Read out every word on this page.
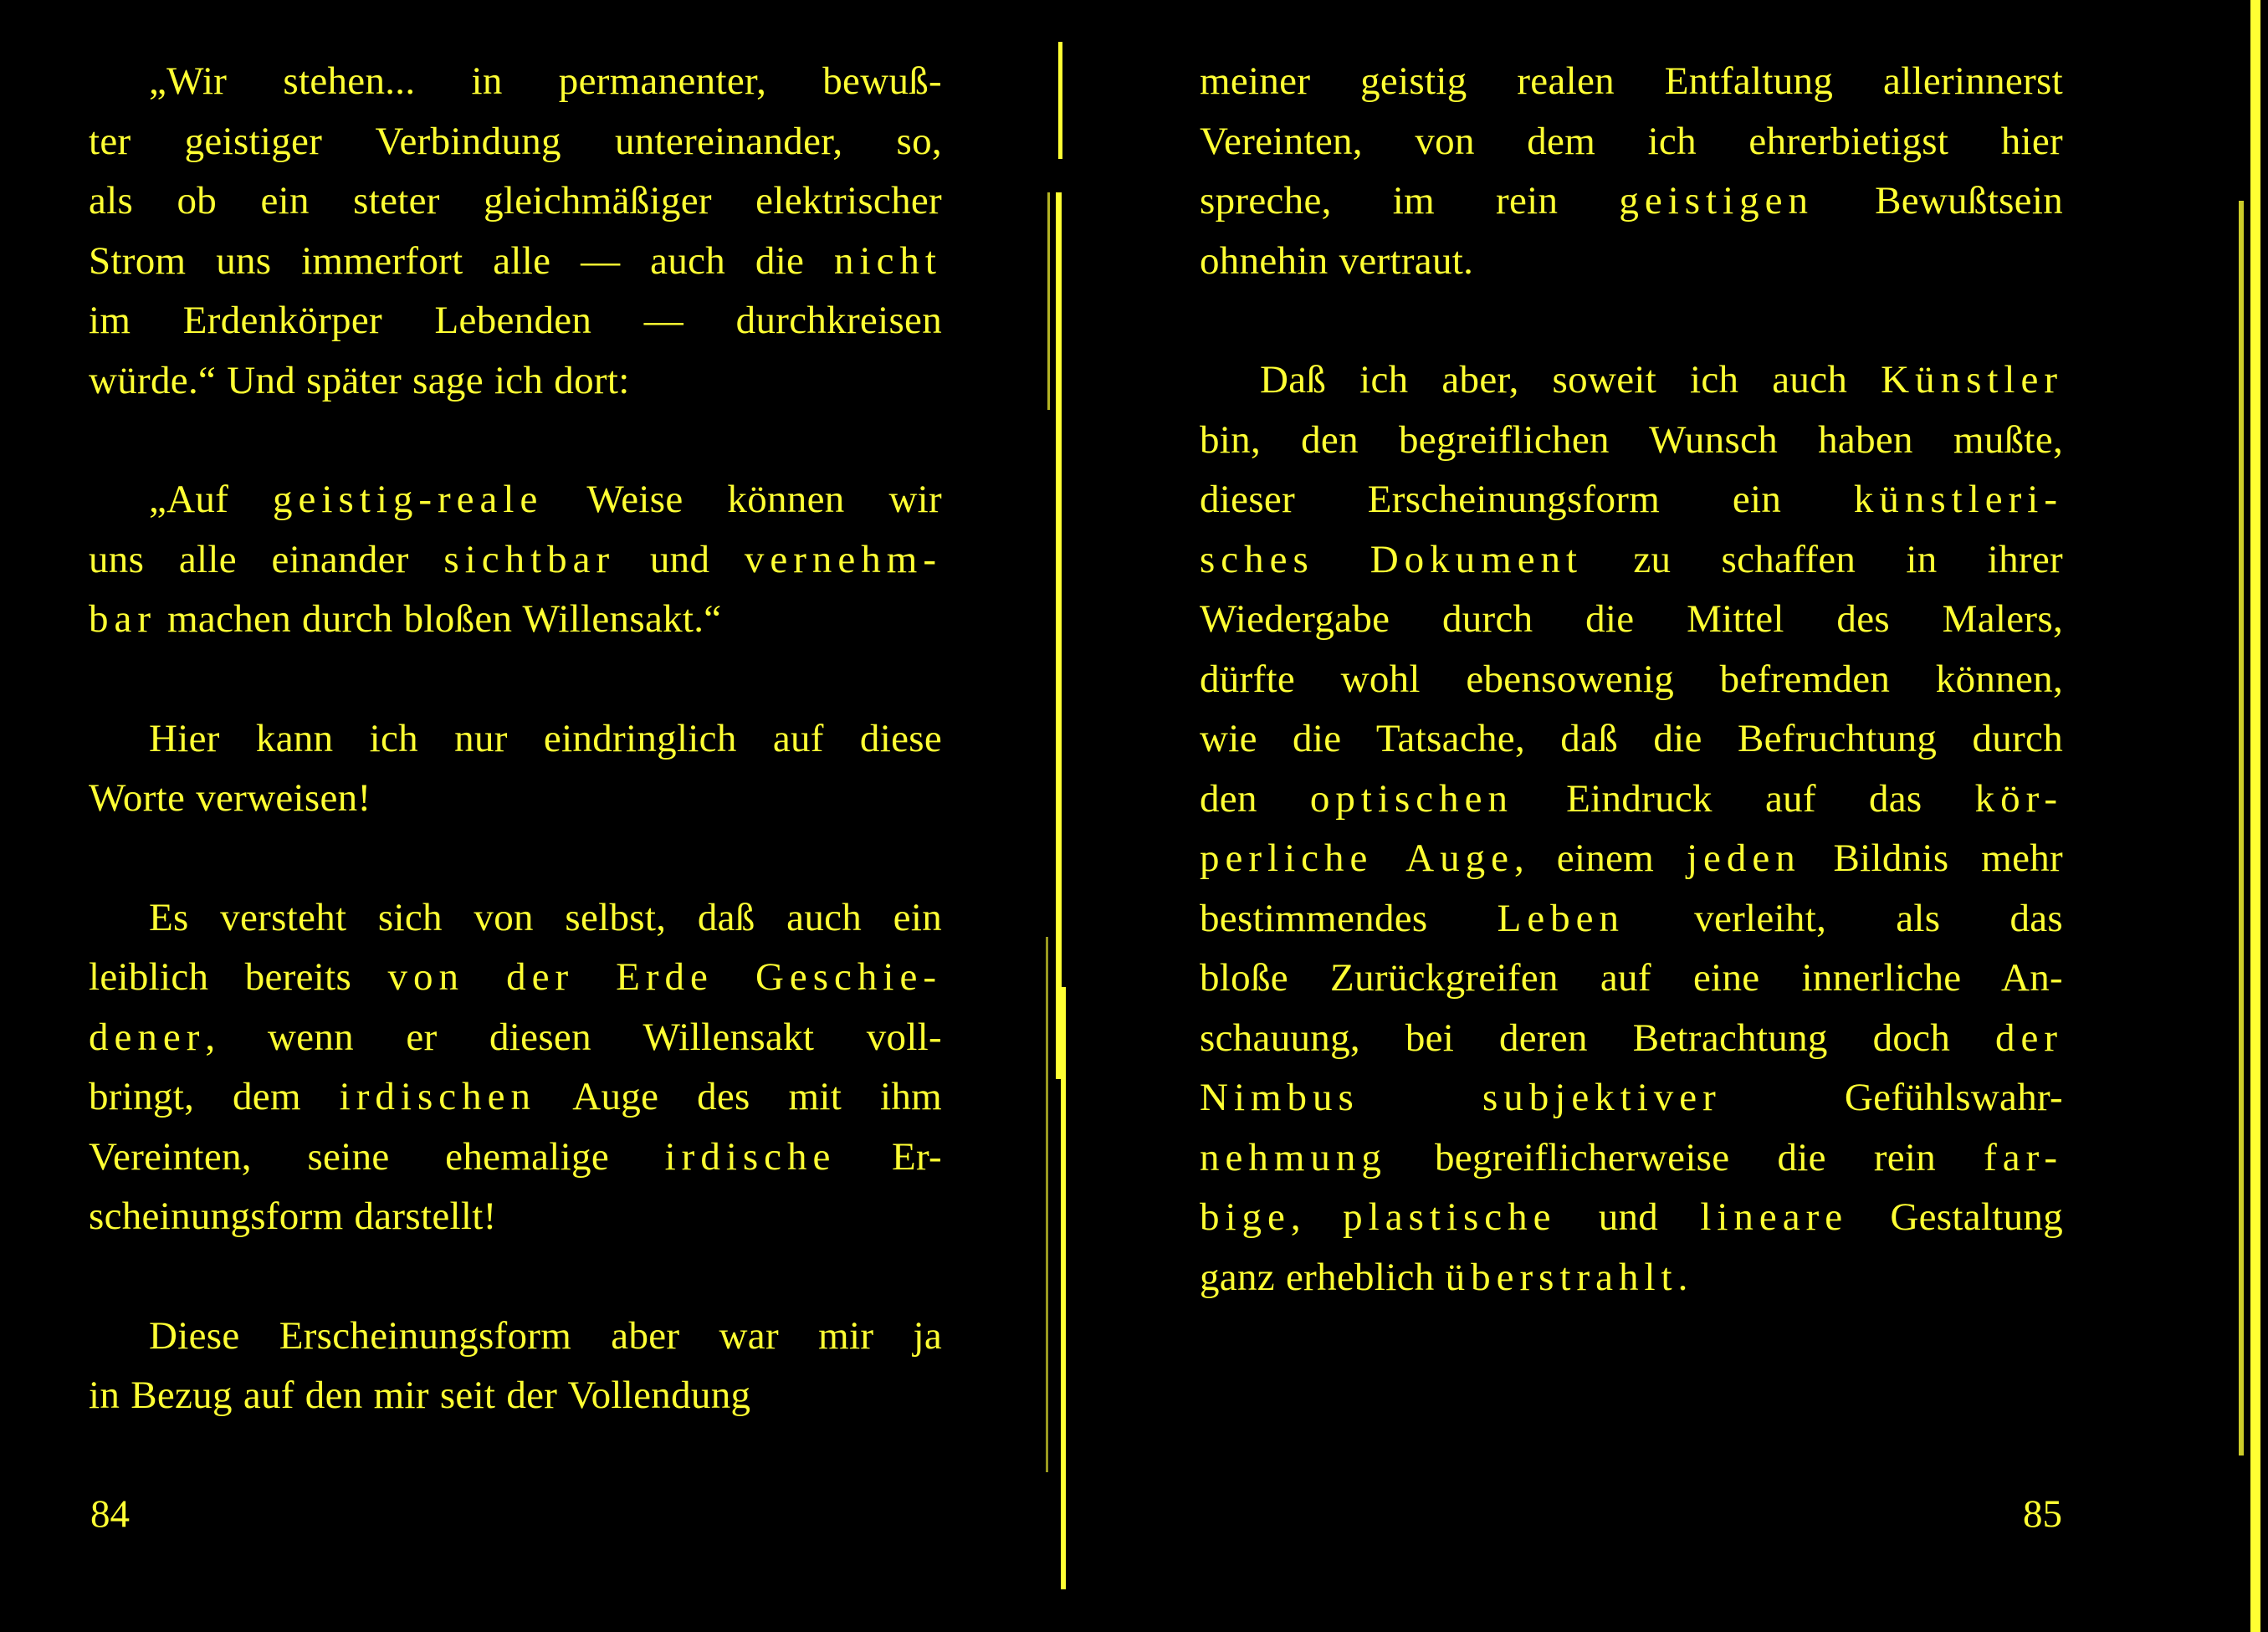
„Wir stehen... in permanenter, bewuß-

ter geistiger Verbindung untereinander, so,

als ob ein steter gleichmäßiger elektrischer

Strom uns immerfort alle — auch die nicht

im Erdenkörper Lebenden — durchkreisen

würde.“ Und später sage ich dort:

„Auf geistig-reale Weise können wir

uns alle einander sichtbar und vernehm-

bar machen durch bloßen Willensakt.“

Hier kann ich nur eindringlich auf diese

Worte verweisen!

Es versteht sich von selbst, daß auch ein

leiblich bereits von der Erde Geschie-

dener, wenn er diesen Willensakt voll-

bringt, dem irdischen Auge des mit ihm

Vereinten, seine ehemalige irdische Er-

scheinungsform darstellt!

Diese Erscheinungsform aber war mir ja

in Bezug auf den mir seit der Vollendung

84

meiner geistig realen Entfaltung allerinnerst

Vereinten, von dem ich ehrerbietigst hier

spreche, im rein geistigen Bewußtsein

ohnehin vertraut.

Daß ich aber, soweit ich auch Künstler

bin, den begreiflichen Wunsch haben mußte,

dieser Erscheinungsform ein künstleri-

sches Dokument zu schaffen in ihrer

Wiedergabe durch die Mittel des Malers,

dürfte wohl ebensowenig befremden können,

wie die Tatsache, daß die Befruchtung durch

den optischen Eindruck auf das kör-

perliche Auge, einem jeden Bildnis mehr

bestimmendes Leben verleiht, als das

bloße Zurückgreifen auf eine innerliche An-

schauung, bei deren Betrachtung doch der

Nimbus	subjektiver Gefühlswahr-

nehmung begreiflicherweise die rein far-

bige, plastische und lineare Gestaltung

ganz erheblich überstrahlt.

85
